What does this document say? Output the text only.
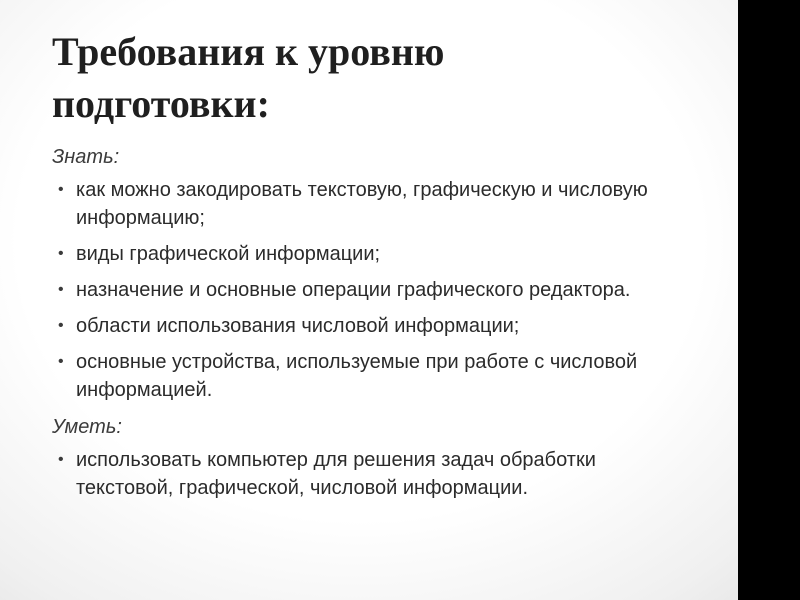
Требования к уровню
подготовки:
Знать:
• как можно закодировать текстовую, графическую и числовую информацию;
• виды графической информации;
• назначение и основные операции графического редактора.
• области использования числовой информации;
• основные устройства, используемые при работе с числовой информацией.
Уметь:
• использовать компьютер для решения задач обработки текстовой, графической, числовой информации.
